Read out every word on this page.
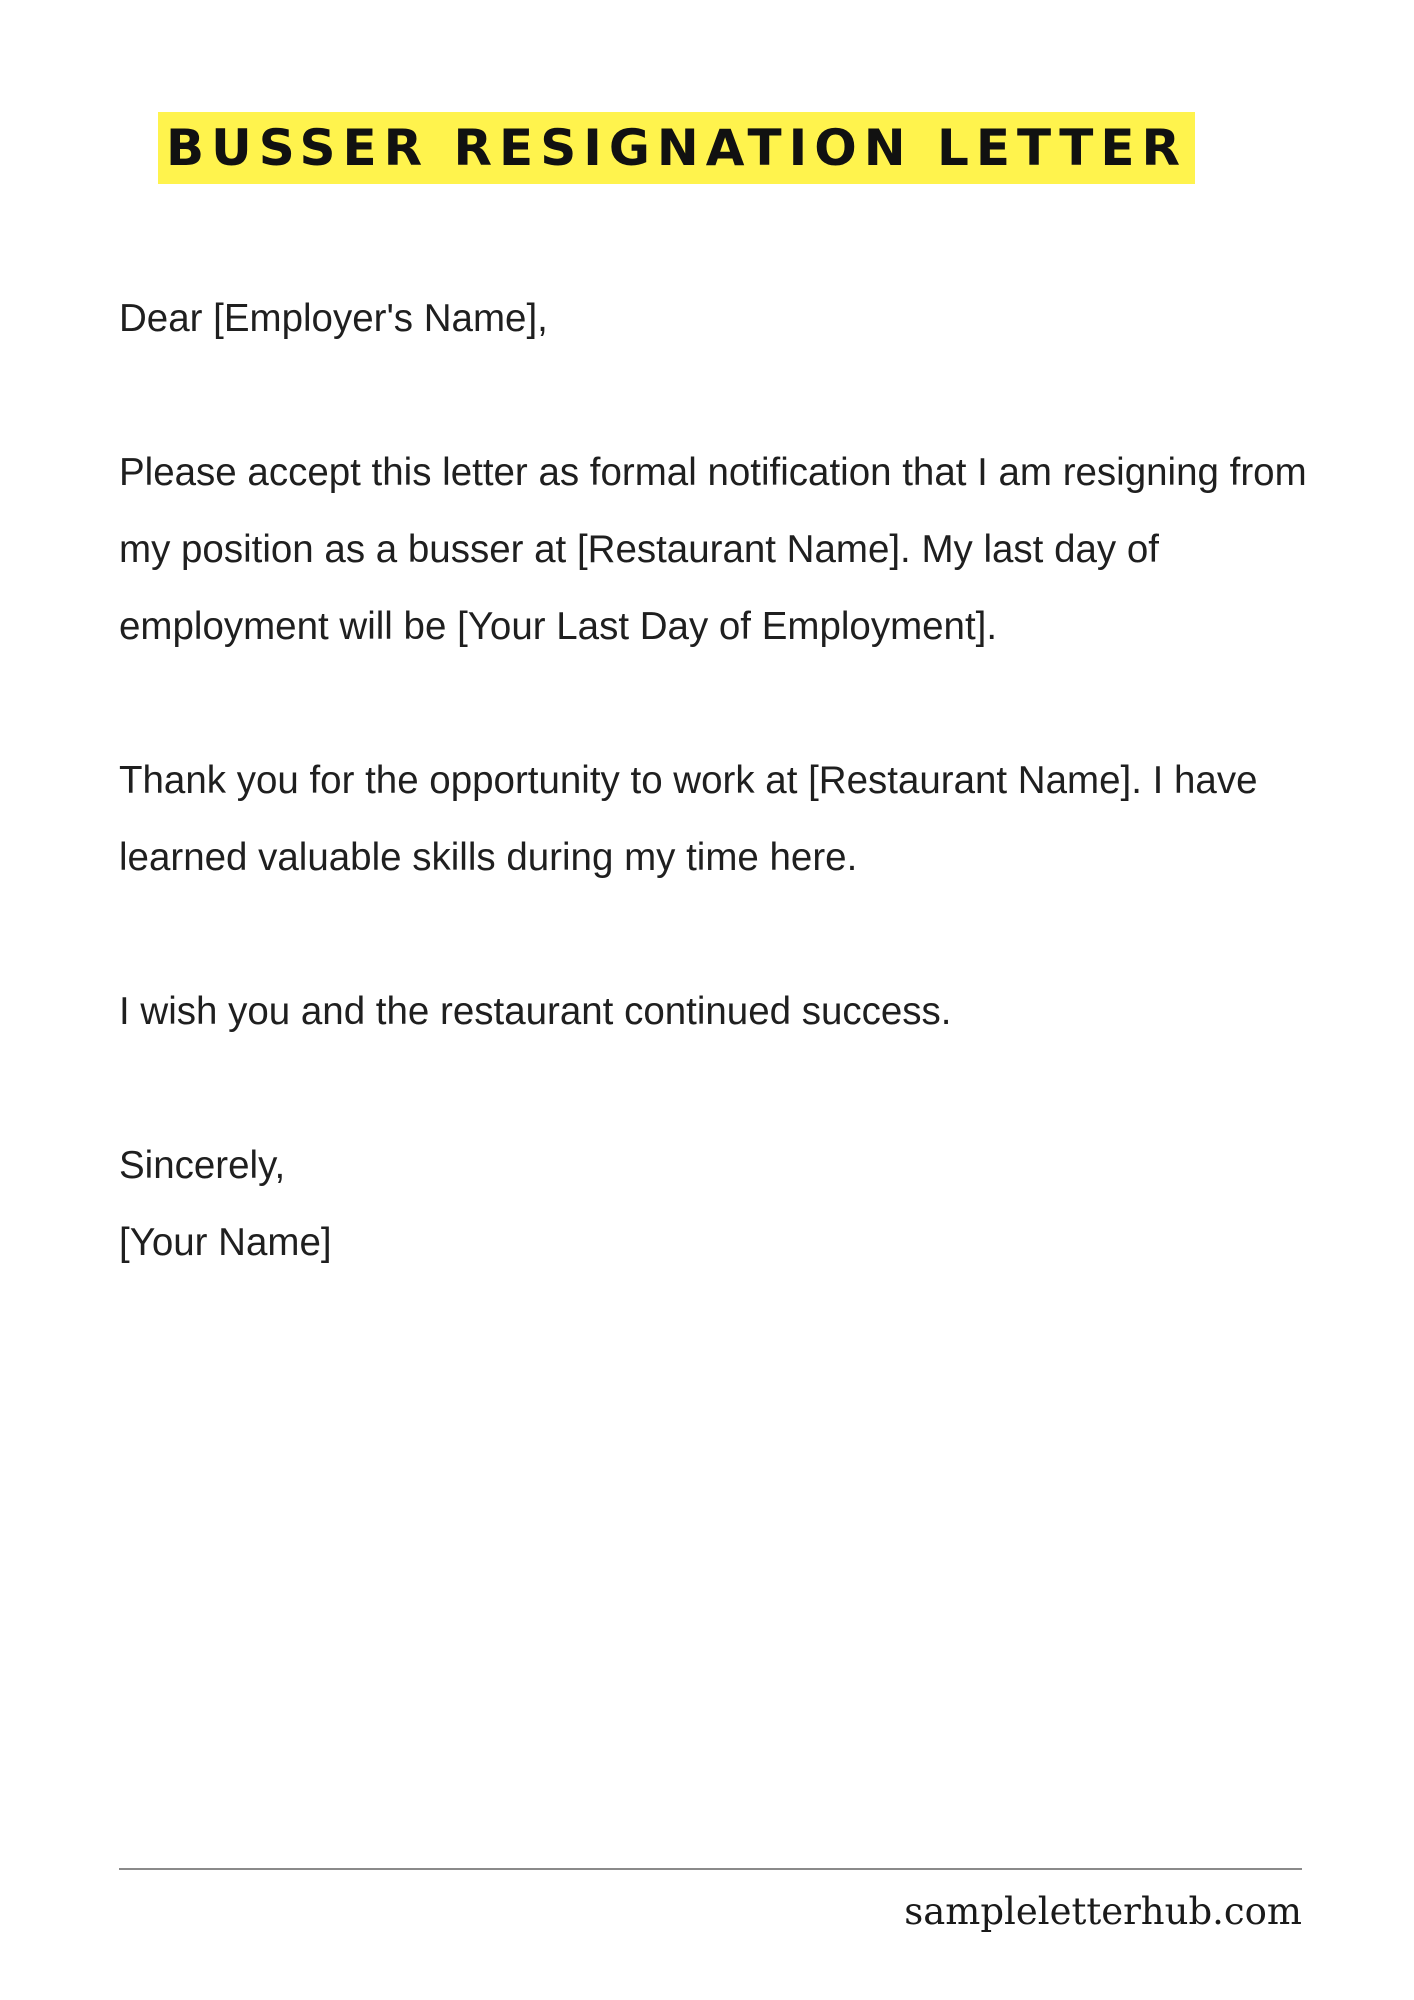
BUSSER RESIGNATION LETTER

Dear [Employer's Name],

Please accept this letter as formal notification that I am resigning from my position as a busser at [Restaurant Name]. My last day of employment will be [Your Last Day of Employment].

Thank you for the opportunity to work at [Restaurant Name]. I have learned valuable skills during my time here.

I wish you and the restaurant continued success.

Sincerely,
[Your Name]

sampleletterhub.com
